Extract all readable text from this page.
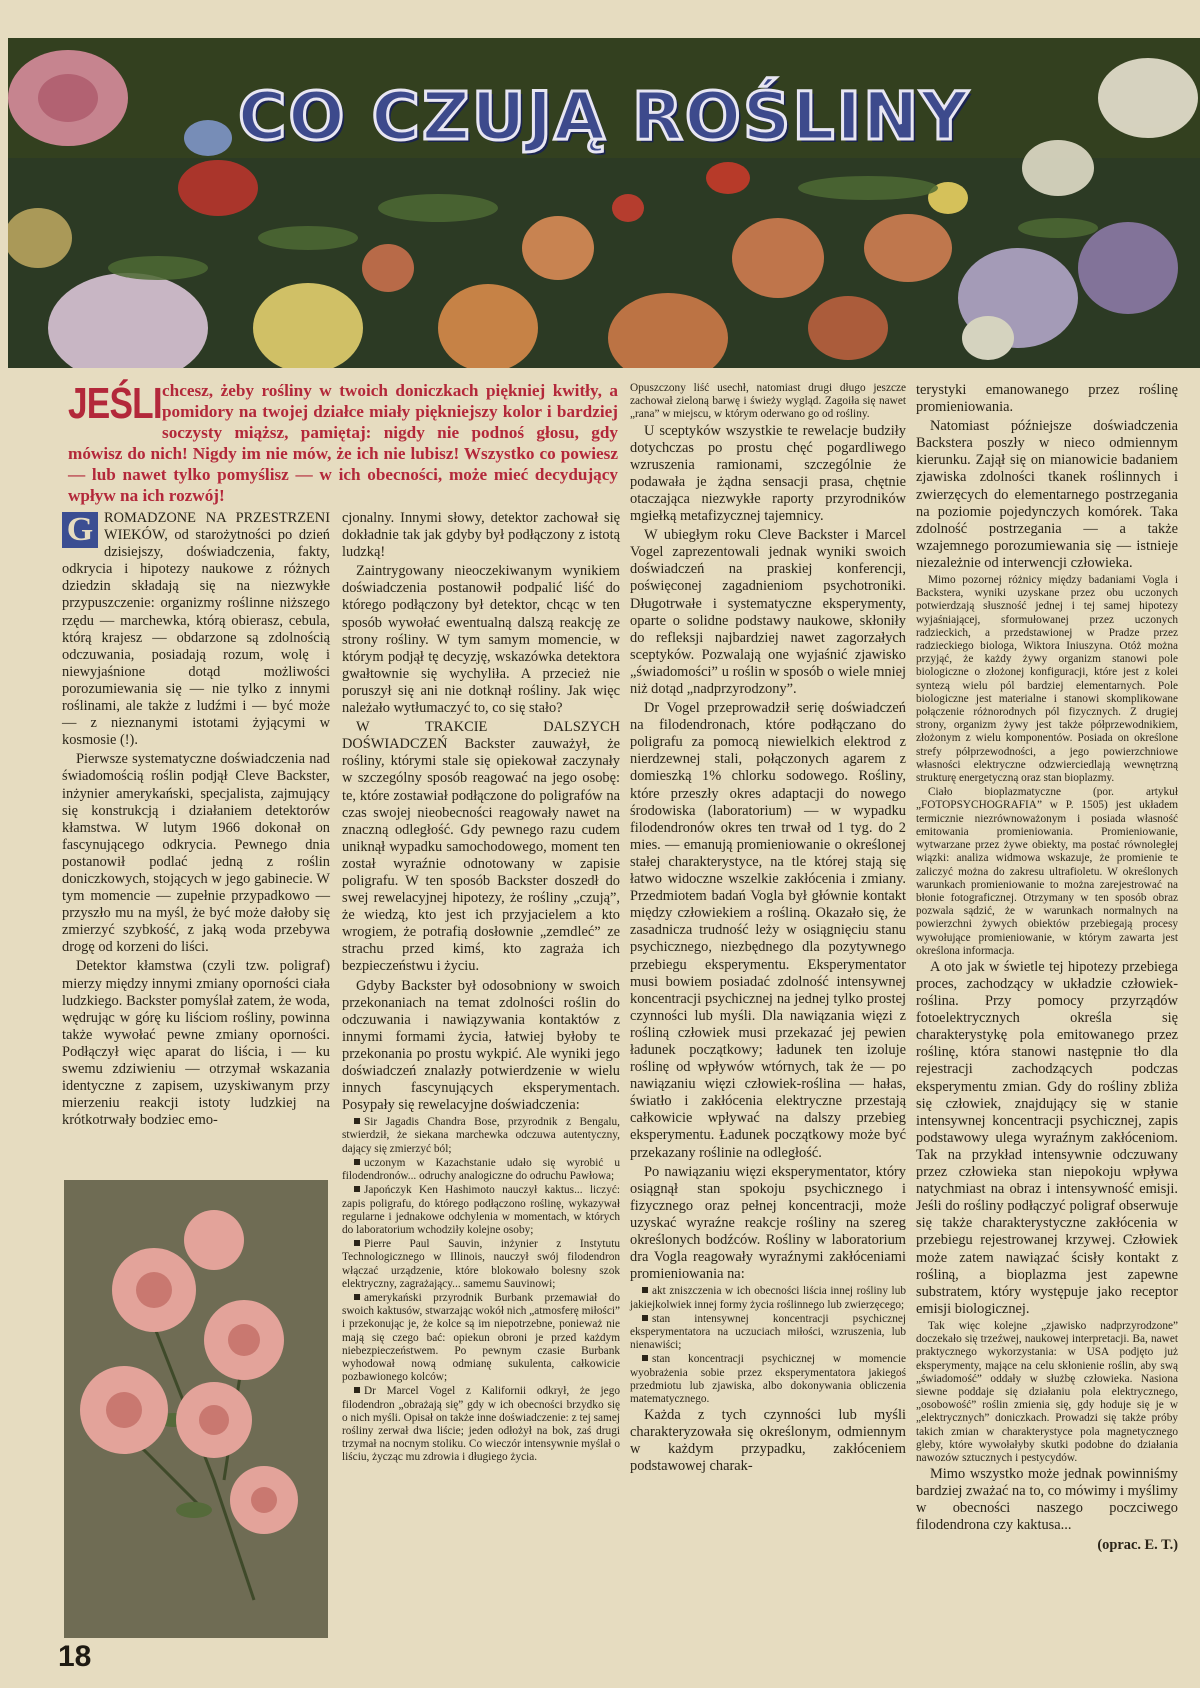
CO CZUJĄ ROŚLINY
JEŚLI chcesz, żeby rośliny w twoich doniczkach piękniej kwitły, a pomidory na twojej działce miały piękniejszy kolor i bardziej soczysty miąższ, pamiętaj: nigdy nie podnoś głosu, gdy mówisz do nich! Nigdy im nie mów, że ich nie lubisz! Wszystko co powiesz — lub nawet tylko pomyślisz — w ich obecności, może mieć decydujący wpływ na ich rozwój!

G ROMADZONE NA PRZESTRZENI WIEKÓW, od starożytności po dzień dzisiejszy, doświadczenia, fakty, odkrycia i hipotezy naukowe z różnych dziedzin składają się na niezwykłe przypuszczenie: organizmy roślinne niższego rzędu — marchewka, którą obierasz, cebula, którą krajesz — obdarzone są zdolnością odczuwania, posiadają rozum, wolę i niewyjaśnione dotąd możliwości porozumiewania się — nie tylko z innymi roślinami, ale także z ludźmi i — być może — z nieznanymi istotami żyjącymi w kosmosie (!).

Pierwsze systematyczne doświadczenia nad świadomością roślin podjął Cleve Backster, inżynier amerykański, specjalista, zajmujący się konstrukcją i działaniem detektorów kłamstwa. W lutym 1966 dokonał on fascynującego odkrycia. Pewnego dnia postanowił podlać jedną z roślin doniczkowych, stojących w jego gabinecie. W tym momencie — zupełnie przypadkowo — przyszło mu na myśl, że być może dałoby się zmierzyć szybkość, z jaką woda przebywa drogę od korzeni do liści.

Detektor kłamstwa (czyli tzw. poligraf) mierzy między innymi zmiany oporności ciała ludzkiego. Backster pomyślał zatem, że woda, wędrując w górę ku liściom rośliny, powinna także wywołać pewne zmiany oporności. Podłączył więc aparat do liścia, i — ku swemu zdziwieniu — otrzymał wskazania identyczne z zapisem, uzyskiwanym przy mierzeniu reakcji istoty ludzkiej na krótkotrwały bodziec emo-

cjonalny. Innymi słowy, detektor zachował się dokładnie tak jak gdyby był podłączony z istotą ludzką!

Zaintrygowany nieoczekiwanym wynikiem doświadczenia postanowił podpalić liść do którego podłączony był detektor, chcąc w ten sposób wywołać ewentualną dalszą reakcję ze strony rośliny. W tym samym momencie, w którym podjął tę decyzję, wskazówka detektora gwałtownie się wychyliła. A przecież nie poruszył się ani nie dotknął rośliny. Jak więc należało wytłumaczyć to, co się stało?

W TRAKCIE DALSZYCH DOŚWIADCZEŃ Backster zauważył, że rośliny, którymi stale się opiekował zaczynały w szczególny sposób reagować na jego osobę: te, które zostawiał podłączone do poligrafów na czas swojej nieobecności reagowały nawet na znaczną odległość. Gdy pewnego razu cudem uniknął wypadku samochodowego, moment ten został wyraźnie odnotowany w zapisie poligrafu. W ten sposób Backster doszedł do swej rewelacyjnej hipotezy, że rośliny „czują”, że wiedzą, kto jest ich przyjacielem a kto wrogiem, że potrafią dosłownie „zemdleć” ze strachu przed kimś, kto zagraża ich bezpieczeństwu i życiu.

Gdyby Backster był odosobniony w swoich przekonaniach na temat zdolności roślin do odczuwania i nawiązywania kontaktów z innymi formami życia, łatwiej byłoby te przekonania po prostu wykpić. Ale wyniki jego doświadczeń znalazły potwierdzenie w wielu innych fascynujących eksperymentach. Posypały się rewelacyjne doświadczenia:

Sir Jagadis Chandra Bose, przyrodnik z Bengalu, stwierdził, że siekana marchewka odczuwa autentyczny, dający się zmierzyć ból;

uczonym w Kazachstanie udało się wyrobić u filodendronów... odruchy analogiczne do odruchu Pawłowa;

Japończyk Ken Hashimoto nauczył kaktus... liczyć: zapis poligrafu, do którego podłączono roślinę, wykazywał regularne i jednakowe odchylenia w momentach, w których do laboratorium wchodziły kolejne osoby;

Pierre Paul Sauvin, inżynier z Instytutu Technologicznego w Illinois, nauczył swój filodendron włączać urządzenie, które blokowało bolesny szok elektryczny, zagrażający... samemu Sauvinowi;

amerykański przyrodnik Burbank przemawiał do swoich kaktusów, stwarzając wokół nich „atmosferę miłości” i przekonując je, że kolce są im niepotrzebne, ponieważ nie mają się czego bać: opiekun obroni je przed każdym niebezpieczeństwem. Po pewnym czasie Burbank wyhodował nową odmianę sukulenta, całkowicie pozbawionego kolców;

Dr Marcel Vogel z Kalifornii odkrył, że jego filodendron „obrażają się” gdy w ich obecności brzydko się o nich myśli. Opisał on także inne doświadczenie: z tej samej rośliny zerwał dwa liście; jeden odłożył na bok, zaś drugi trzymał na nocnym stoliku. Co wieczór intensywnie myślał o liściu, życząc mu zdrowia i długiego życia.

Opuszczony liść usechł, natomiast drugi długo jeszcze zachował zieloną barwę i świeży wygląd. Zagoiła się nawet „rana” w miejscu, w którym oderwano go od rośliny.

U sceptyków wszystkie te rewelacje budziły dotychczas po prostu chęć pogardliwego wzruszenia ramionami, szczególnie że podawała je żądna sensacji prasa, chętnie otaczająca niezwykłe raporty przyrodników mgiełką metafizycznej tajemnicy.

W ubiegłym roku Cleve Backster i Marcel Vogel zaprezentowali jednak wyniki swoich doświadczeń na praskiej konferencji, poświęconej zagadnieniom psychotroniki. Długotrwałe i systematyczne eksperymenty, oparte o solidne podstawy naukowe, skłoniły do refleksji najbardziej nawet zagorzałych sceptyków. Pozwalają one wyjaśnić zjawisko „świadomości” u roślin w sposób o wiele mniej niż dotąd „nadprzyrodzony”.

Dr Vogel przeprowadził serię doświadczeń na filodendronach, które podłączano do poligrafu za pomocą niewielkich elektrod z nierdzewnej stali, połączonych agarem z domieszką 1% chlorku sodowego. Rośliny, które przeszły okres adaptacji do nowego środowiska (laboratorium) — w wypadku filodendronów okres ten trwał od 1 tyg. do 2 mies. — emanują promieniowanie o określonej stałej charakterystyce, na tle której stają się łatwo widoczne wszelkie zakłócenia i zmiany. Przedmiotem badań Vogla był głównie kontakt między człowiekiem a rośliną. Okazało się, że zasadnicza trudność leży w osiągnięciu stanu psychicznego, niezbędnego dla pozytywnego przebiegu eksperymentu. Eksperymentator musi bowiem posiadać zdolność intensywnej koncentracji psychicznej na jednej tylko prostej czynności lub myśli. Dla nawiązania więzi z rośliną człowiek musi przekazać jej pewien ładunek początkowy; ładunek ten izoluje roślinę od wpływów wtórnych, tak że — po nawiązaniu więzi człowiek-roślina — hałas, światło i zakłócenia elektryczne przestają całkowicie wpływać na dalszy przebieg eksperymentu. Ładunek początkowy może być przekazany roślinie na odległość.

Po nawiązaniu więzi eksperymentator, który osiągnął stan spokoju psychicznego i fizycznego oraz pełnej koncentracji, może uzyskać wyraźne reakcje rośliny na szereg określonych bodźców. Rośliny w laboratorium dra Vogla reagowały wyraźnymi zakłóceniami promieniowania na:

akt zniszczenia w ich obecności liścia innej rośliny lub jakiejkolwiek innej formy życia roślinnego lub zwierzęcego;

stan intensywnej koncentracji psychicznej eksperymentatora na uczuciach miłości, wzruszenia, lub nienawiści;

stan koncentracji psychicznej w momencie wyobrażenia sobie przez eksperymentatora jakiegoś przedmiotu lub zjawiska, albo dokonywania obliczenia matematycznego.

Każda z tych czynności lub myśli charakteryzowała się określonym, odmiennym w każdym przypadku, zakłóceniem podstawowej charak-

terystyki emanowanego przez roślinę promieniowania.

Natomiast późniejsze doświadczenia Backstera poszły w nieco odmiennym kierunku. Zajął się on mianowicie badaniem zjawiska zdolności tkanek roślinnych i zwierzęcych do elementarnego postrzegania na poziomie pojedynczych komórek. Taka zdolność postrzegania — a także wzajemnego porozumiewania się — istnieje niezależnie od interwencji człowieka.

Mimo pozornej różnicy między badaniami Vogla i Backstera, wyniki uzyskane przez obu uczonych potwierdzają słuszność jednej i tej samej hipotezy wyjaśniającej, sformułowanej przez uczonych radzieckich, a przedstawionej w Pradze przez radzieckiego biologa, Wiktora Iniuszyna. Otóż można przyjąć, że każdy żywy organizm stanowi pole biologiczne o złożonej konfiguracji, które jest z kolei syntezą wielu pól bardziej elementarnych. Pole biologiczne jest materialne i stanowi skomplikowane połączenie różnorodnych pól fizycznych. Z drugiej strony, organizm żywy jest także półprzewodnikiem, złożonym z wielu komponentów. Posiada on określone strefy półprzewodności, a jego powierzchniowe własności elektryczne odzwierciedlają wewnętrzną strukturę energetyczną oraz stan bioplazmy.

Ciało bioplazmatyczne (por. artykuł „FOTOPSYCHOGRAFIA” w P. 1505) jest układem termicznie niezrównoważonym i posiada własność emitowania promieniowania. Promieniowanie, wytwarzane przez żywe obiekty, ma postać równoległej wiązki: analiza widmowa wskazuje, że promienie te zaliczyć można do zakresu ultrafioletu. W określonych warunkach promieniowanie to można zarejestrować na błonie fotograficznej. Otrzymany w ten sposób obraz pozwala sądzić, że w warunkach normalnych na powierzchni żywych obiektów przebiegają procesy wywołujące promieniowanie, w którym zawarta jest określona informacja.

A oto jak w świetle tej hipotezy przebiega proces, zachodzący w układzie człowiek-roślina. Przy pomocy przyrządów fotoelektrycznych określa się charakterystykę pola emitowanego przez roślinę, która stanowi następnie tło dla rejestracji zachodzących podczas eksperymentu zmian. Gdy do rośliny zbliża się człowiek, znajdujący się w stanie intensywnej koncentracji psychicznej, zapis podstawowy ulega wyraźnym zakłóceniom. Tak na przykład intensywnie odczuwany przez człowieka stan niepokoju wpływa natychmiast na obraz i intensywność emisji. Jeśli do rośliny podłączyć poligraf obserwuje się także charakterystyczne zakłócenia w przebiegu rejestrowanej krzywej. Człowiek może zatem nawiązać ścisły kontakt z rośliną, a bioplazma jest zapewne substratem, który występuje jako receptor emisji biologicznej.

Tak więc kolejne „zjawisko nadprzyrodzone” doczekało się trzeźwej, naukowej interpretacji. Ba, nawet praktycznego wykorzystania: w USA podjęto już eksperymenty, mające na celu skłonienie roślin, aby swą „świadomość” oddały w służbę człowieka. Nasiona siewne poddaje się działaniu pola elektrycznego, „osobowość” roślin zmienia się, gdy hoduje się je w „elektrycznych” doniczkach. Prowadzi się także próby takich zmian w charakterystyce pola magnetycznego gleby, które wywołałyby skutki podobne do działania nawozów sztucznych i pestycydów.

Mimo wszystko może jednak powinniśmy bardziej zważać na to, co mówimy i myślimy w obecności naszego poczciwego filodendrona czy kaktusa...

(oprac. E. T.)

18
